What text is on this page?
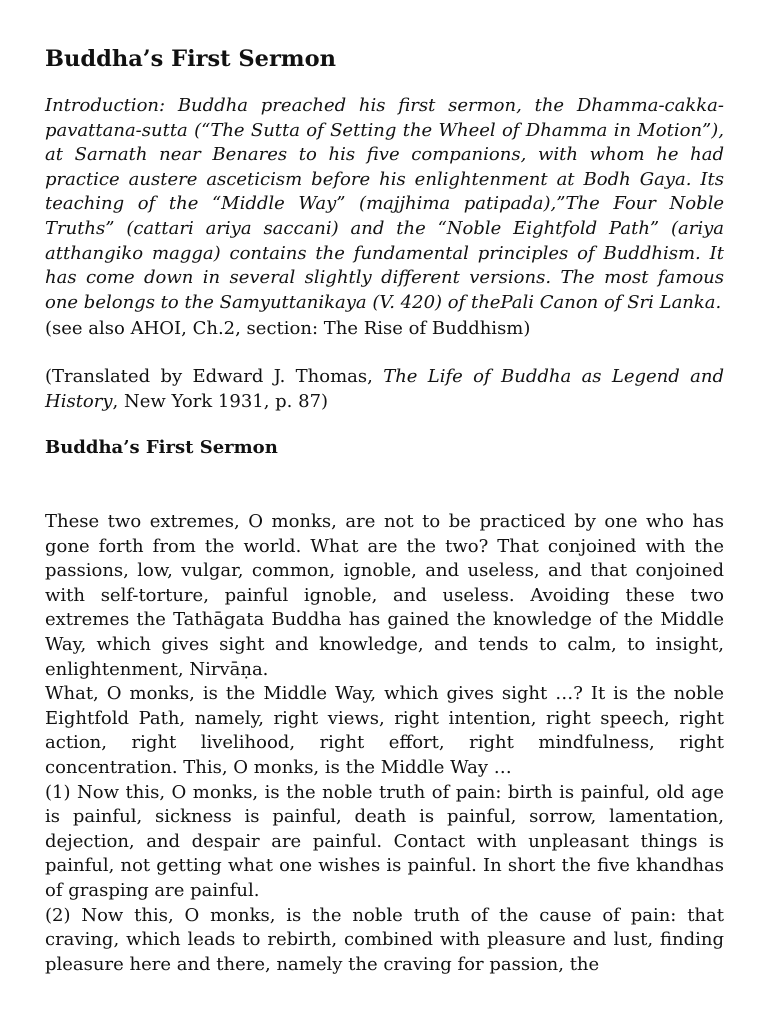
Buddha’s First Sermon

Introduction: Buddha preached his first sermon, the Dhamma-cakka-pavattana-sutta (“The Sutta of Setting the Wheel of Dhamma in Motion”), at Sarnath near Benares to his five companions, with whom he had practice austere asceticism before his enlightenment at Bodh Gaya. Its teaching of the “Middle Way” (majjhima patipada),”The Four Noble Truths” (cattari ariya saccani) and the “Noble Eightfold Path” (ariya atthangiko magga) contains the fundamental principles of Buddhism. It has come down in several slightly different versions. The most famous one belongs to the Samyuttanikaya (V. 420) of thePali Canon of Sri Lanka.

(see also AHOI, Ch.2, section: The Rise of Buddhism)

(Translated by Edward J. Thomas, The Life of Buddha as Legend and History, New York 1931, p. 87)

Buddha’s First Sermon

These two extremes, O monks, are not to be practiced by one who has gone forth from the world. What are the two? That conjoined with the passions, low, vulgar, common, ignoble, and useless, and that conjoined with self-torture, painful ignoble, and useless. Avoiding these two extremes the Tathāgata Buddha has gained the knowledge of the Middle Way, which gives sight and knowledge, and tends to calm, to insight, enlightenment, Nirvāṇa.

What, O monks, is the Middle Way, which gives sight …? It is the noble Eightfold Path, namely, right views, right intention, right speech, right action, right livelihood, right effort, right mindfulness, right concentration. This, O monks, is the Middle Way …

(1) Now this, O monks, is the noble truth of pain: birth is painful, old age is painful, sickness is painful, death is painful, sorrow, lamentation, dejection, and despair are painful. Contact with unpleasant things is painful, not getting what one wishes is painful. In short the five khandhas of grasping are painful.

(2) Now this, O monks, is the noble truth of the cause of pain: that craving, which leads to rebirth, combined with pleasure and lust, finding pleasure here and there, namely the craving for passion, the
